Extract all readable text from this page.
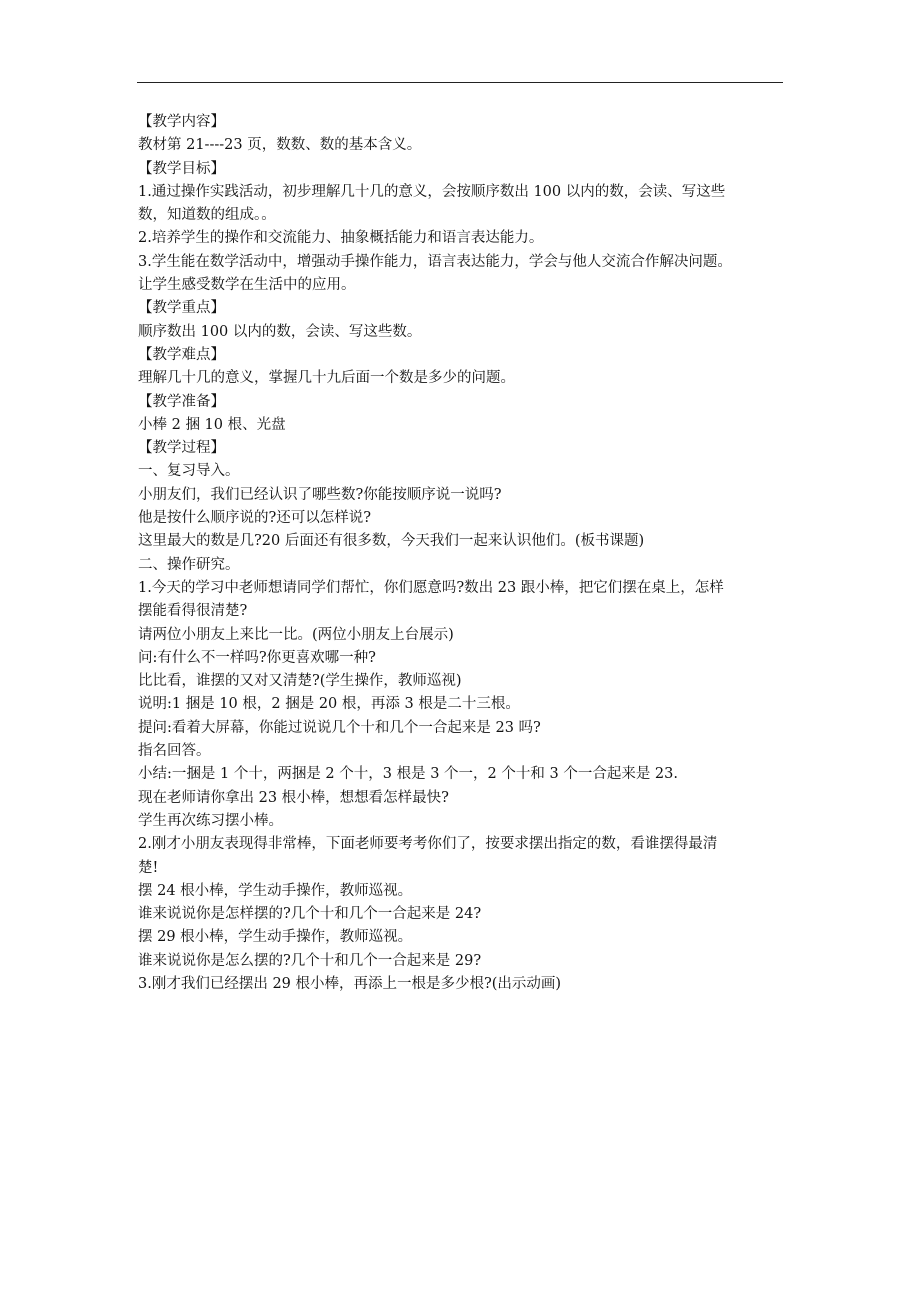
【教学内容】
教材第 21----23 页，数数、数的基本含义。
【教学目标】
1.通过操作实践活动，初步理解几十几的意义，会按顺序数出 100 以内的数，会读、写这些
数，知道数的组成。。
2.培养学生的操作和交流能力、抽象概括能力和语言表达能力。
3.学生能在数学活动中，增强动手操作能力，语言表达能力，学会与他人交流合作解决问题。
让学生感受数学在生活中的应用。
【教学重点】
顺序数出 100 以内的数，会读、写这些数。
【教学难点】
理解几十几的意义，掌握几十九后面一个数是多少的问题。
【教学准备】
小棒 2 捆 10 根、光盘
【教学过程】
一、复习导入。
小朋友们，我们已经认识了哪些数?你能按顺序说一说吗?
他是按什么顺序说的?还可以怎样说?
这里最大的数是几?20 后面还有很多数，今天我们一起来认识他们。(板书课题)
二、操作研究。
1.今天的学习中老师想请同学们帮忙，你们愿意吗?数出 23 跟小棒，把它们摆在桌上，怎样
摆能看得很清楚?
请两位小朋友上来比一比。(两位小朋友上台展示)
问:有什么不一样吗?你更喜欢哪一种?
比比看，谁摆的又对又清楚?(学生操作，教师巡视)
说明:1 捆是 10 根，2 捆是 20 根，再添 3 根是二十三根。
提问:看着大屏幕，你能过说说几个十和几个一合起来是 23 吗?
指名回答。
小结:一捆是 1 个十，两捆是 2 个十，3 根是 3 个一，2 个十和 3 个一合起来是 23.
现在老师请你拿出 23 根小棒，想想看怎样最快?
学生再次练习摆小棒。
2.刚才小朋友表现得非常棒，下面老师要考考你们了，按要求摆出指定的数，看谁摆得最清
楚!
摆 24 根小棒，学生动手操作，教师巡视。
谁来说说你是怎样摆的?几个十和几个一合起来是 24?
摆 29 根小棒，学生动手操作，教师巡视。
谁来说说你是怎么摆的?几个十和几个一合起来是 29?
3.刚才我们已经摆出 29 根小棒，再添上一根是多少根?(出示动画)
